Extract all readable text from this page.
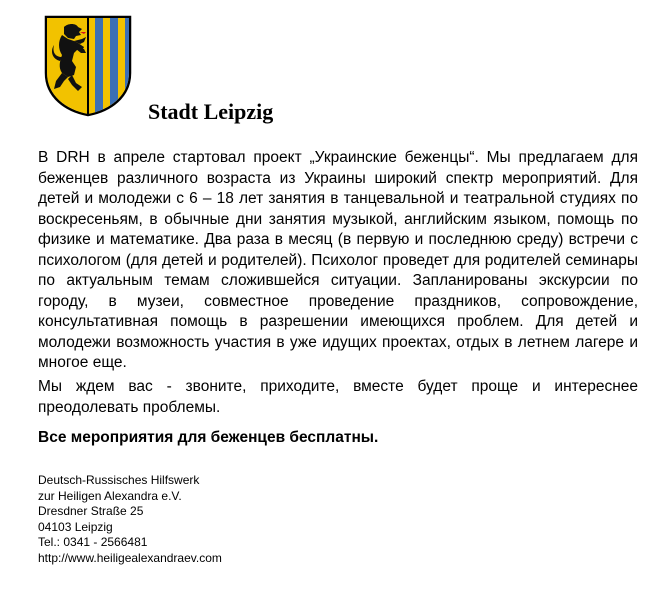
Stadt Leipzig
В DRH в апреле стартовал проект „Украинские беженцы“. Мы предлагаем для беженцев различного возраста из Украины широкий спектр мероприятий. Для детей и молодежи с 6 – 18 лет занятия в танцевальной и театральной студиях по воскресеньям, в обычные дни занятия музыкой, английским языком, помощь по физике и математике. Два раза в месяц (в первую и последнюю среду) встречи с психологом (для детей и родителей). Психолог проведет для родителей семинары по актуальным темам сложившейся ситуации. Запланированы экскурсии по городу, в музеи, совместное проведение праздников, сопровождение, консультативная помощь в разрешении имеющихся проблем. Для детей и молодежи возможность участия в уже идущих проектах, отдых в летнем лагере и многое еще.
Мы ждем вас - звоните, приходите, вместе будет проще и интереснее преодолевать проблемы.
Все мероприятия для беженцев бесплатны.
Deutsch-Russisches Hilfswerk
zur Heiligen Alexandra e.V.
Dresdner Straße 25
04103 Leipzig
Tel.: 0341 - 2566481
http://www.heiligealexandraev.com
